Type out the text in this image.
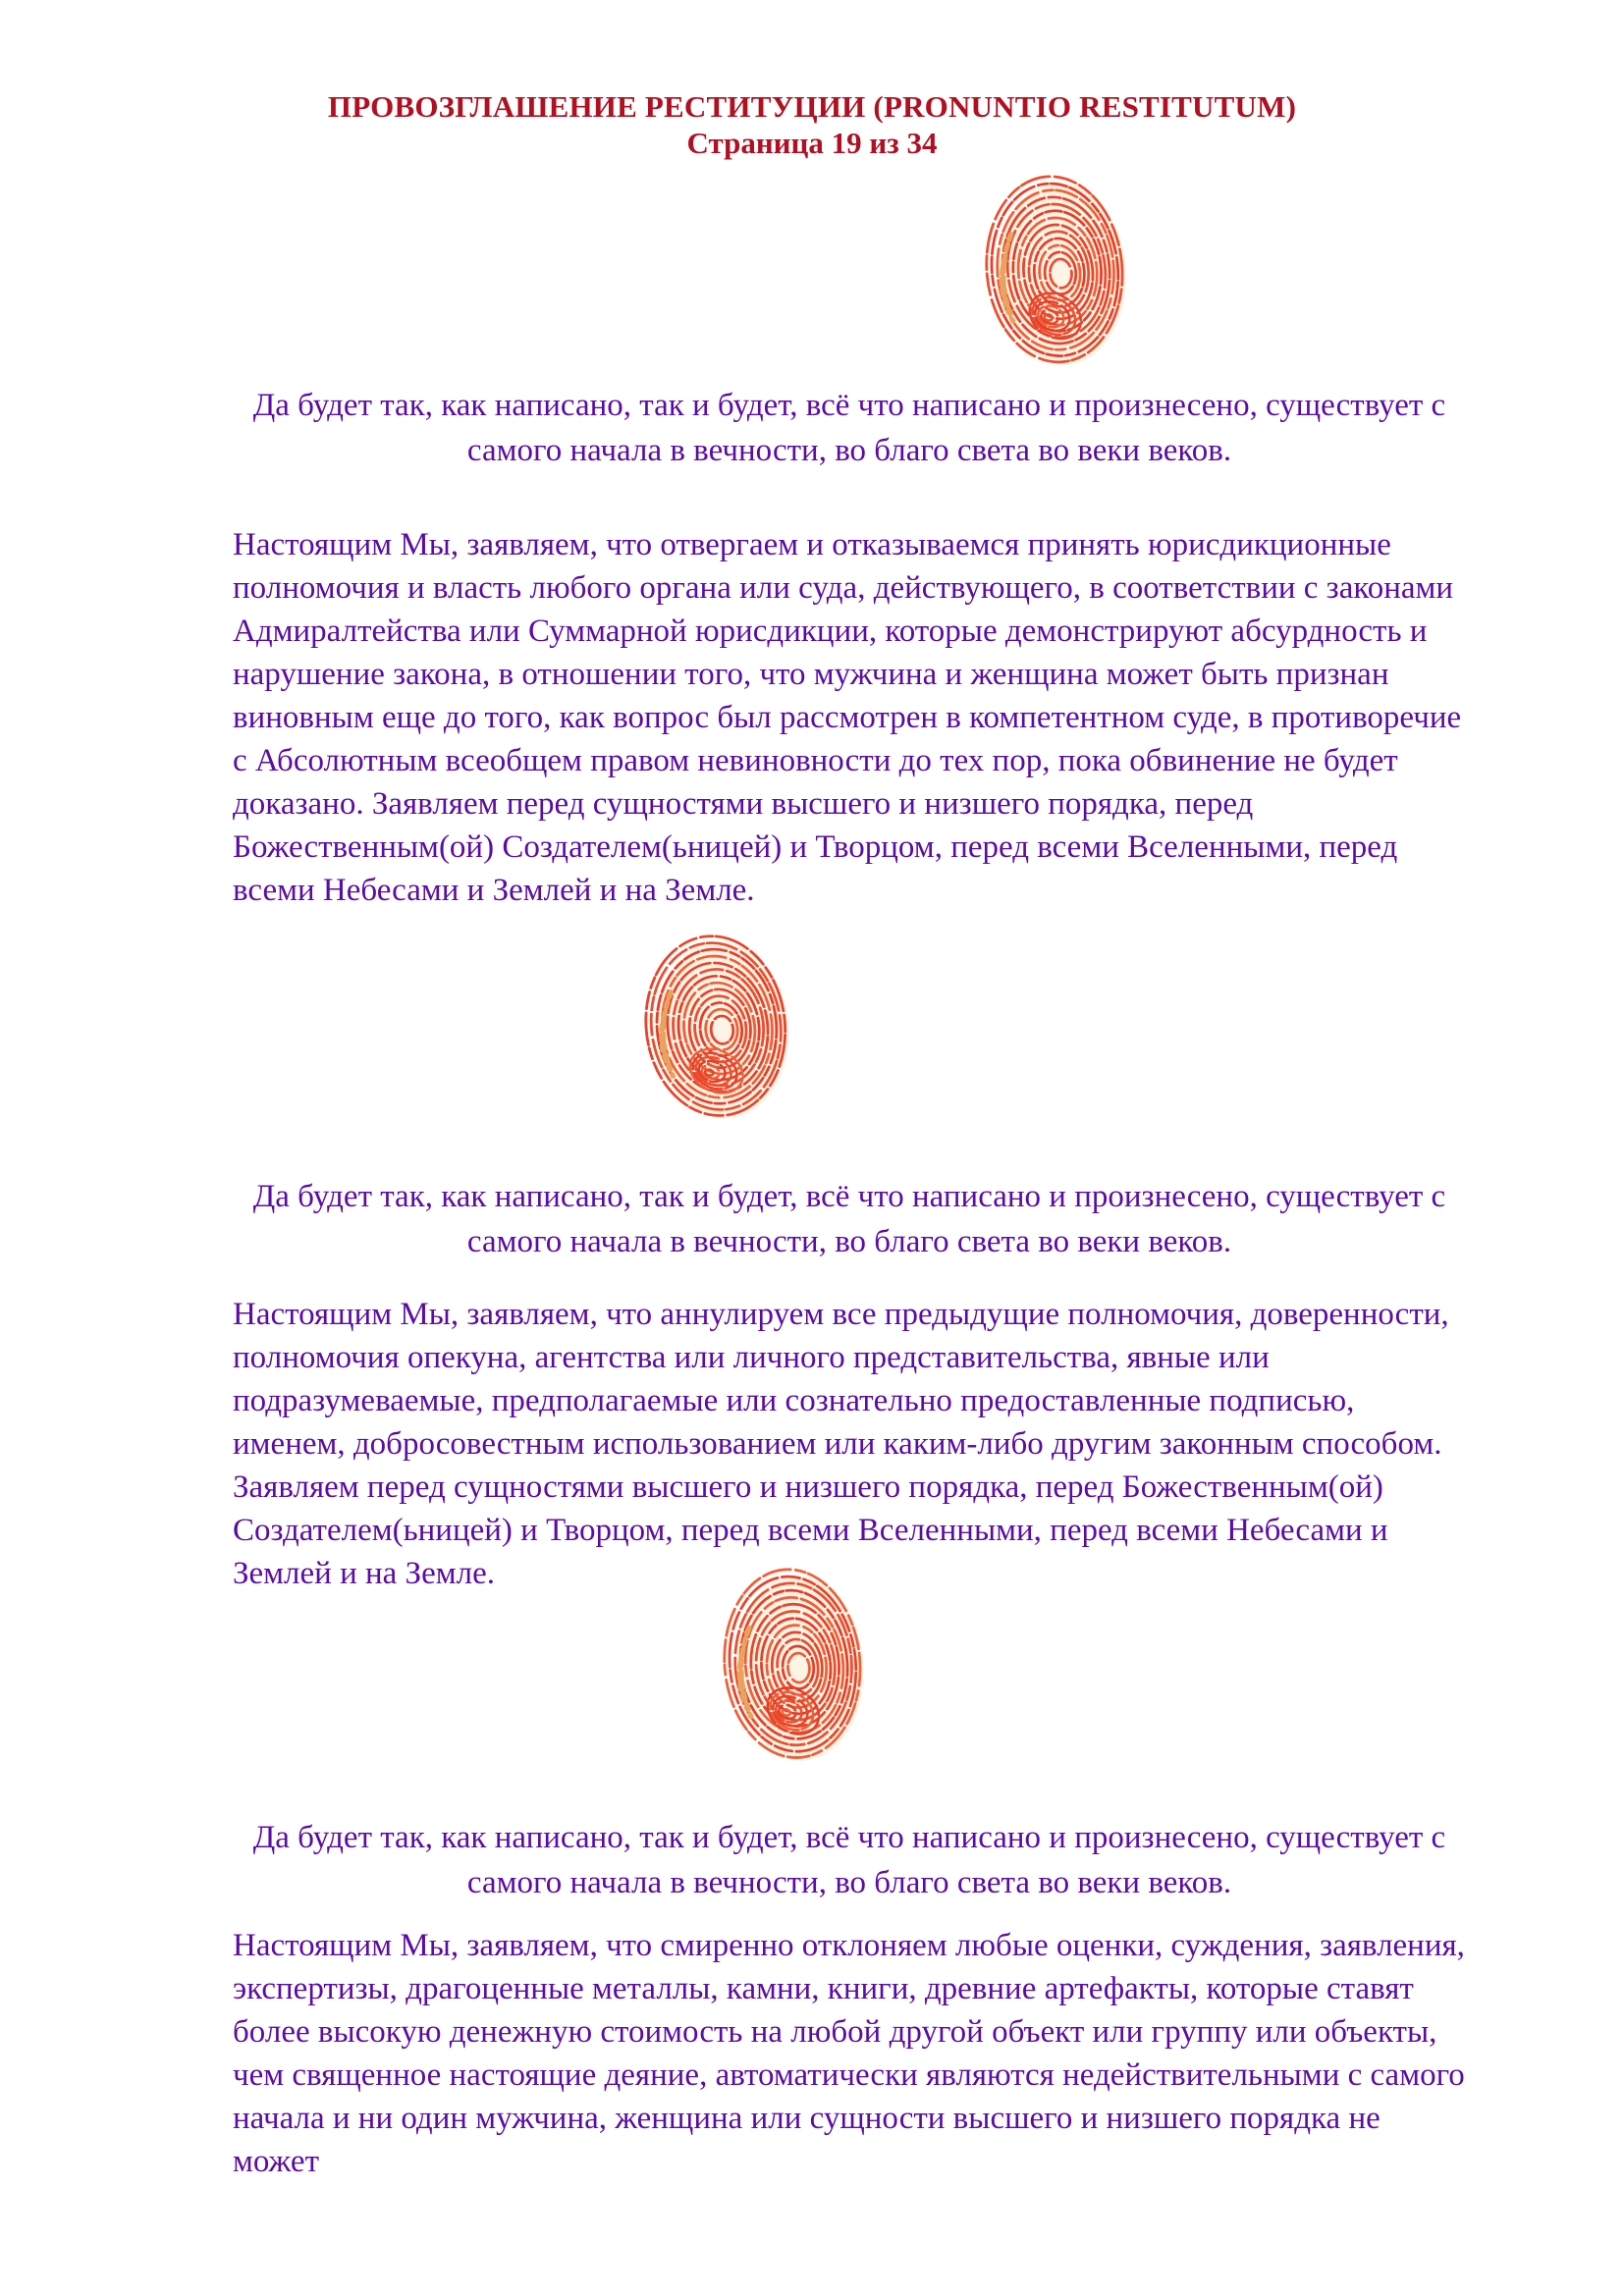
ПРОВОЗГЛАШЕНИЕ РЕСТИТУЦИИ (PRONUNTIO RESTITUTUM)
Страница 19 из 34

Да будет так, как написано, так и будет, всё что написано и произнесено, существует с самого начала в вечности, во благо света во веки веков.

Настоящим Мы, заявляем, что отвергаем и отказываемся принять юрисдикционные полномочия и власть любого органа или суда, действующего, в соответствии с законами Адмиралтейства или Суммарной юрисдикции, которые демонстрируют абсурдность и нарушение закона, в отношении того, что мужчина и женщина может быть признан виновным еще до того, как вопрос был рассмотрен в компетентном суде, в противоречие с Абсолютным всеобщем правом невиновности до тех пор, пока обвинение не будет доказано. Заявляем перед сущностями высшего и низшего порядка, перед Божественным(ой) Создателем(ьницей) и Творцом, перед всеми Вселенными, перед всеми Небесами и Землей и на Земле.

Да будет так, как написано, так и будет, всё что написано и произнесено, существует с самого начала в вечности, во благо света во веки веков.

Настоящим Мы, заявляем, что аннулируем все предыдущие полномочия, доверенности, полномочия опекуна, агентства или личного представительства, явные или подразумеваемые, предполагаемые или сознательно предоставленные подписью, именем, добросовестным использованием или каким-либо другим законным способом. Заявляем перед сущностями высшего и низшего порядка, перед Божественным(ой) Создателем(ьницей) и Творцом, перед всеми Вселенными, перед всеми Небесами и Землей и на Земле.

Да будет так, как написано, так и будет, всё что написано и произнесено, существует с самого начала в вечности, во благо света во веки веков.

Настоящим Мы, заявляем, что смиренно отклоняем любые оценки, суждения, заявления, экспертизы, драгоценные металлы, камни, книги, древние артефакты, которые ставят более высокую денежную стоимость на любой другой объект или группу или объекты, чем священное настоящие деяние, автоматически являются недействительными с самого начала и ни один мужчина, женщина или сущности высшего и низшего порядка не может
